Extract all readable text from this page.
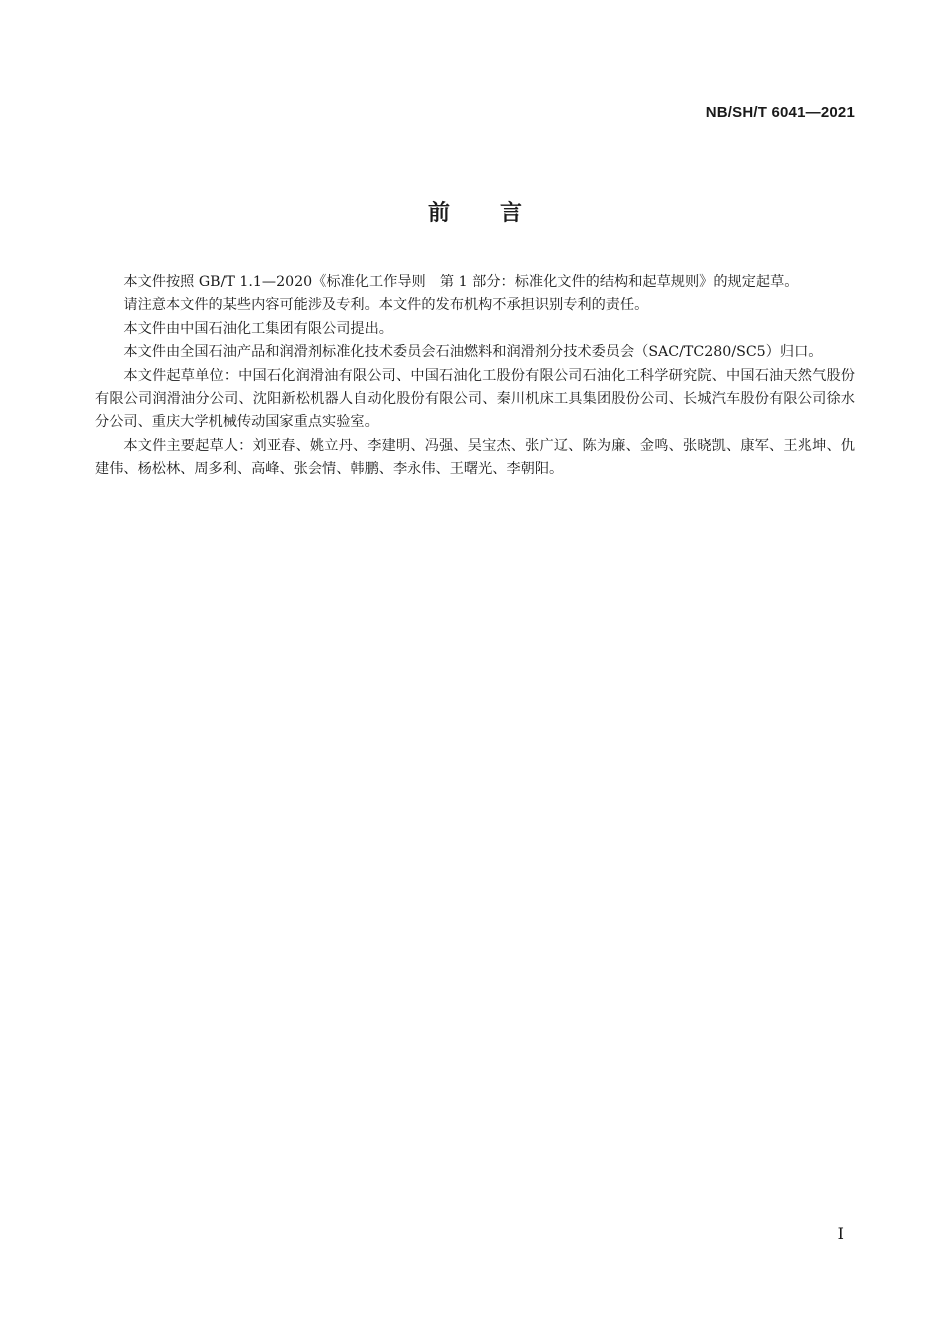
NB/SH/T 6041—2021
前言

本文件按照 GB/T 1.1—2020《标准化工作导则　第 1 部分：标准化文件的结构和起草规则》的规定起草。

请注意本文件的某些内容可能涉及专利。本文件的发布机构不承担识别专利的责任。

本文件由中国石油化工集团有限公司提出。

本文件由全国石油产品和润滑剂标准化技术委员会石油燃料和润滑剂分技术委员会（SAC/TC280/SC5）归口。

本文件起草单位：中国石化润滑油有限公司、中国石油化工股份有限公司石油化工科学研究院、中国石油天然气股份有限公司润滑油分公司、沈阳新松机器人自动化股份有限公司、秦川机床工具集团股份公司、长城汽车股份有限公司徐水分公司、重庆大学机械传动国家重点实验室。

本文件主要起草人：刘亚春、姚立丹、李建明、冯强、吴宝杰、张广辽、陈为廉、金鸣、张晓凯、康军、王兆坤、仇建伟、杨松林、周多利、高峰、张会情、韩鹏、李永伟、王曙光、李朝阳。

I
